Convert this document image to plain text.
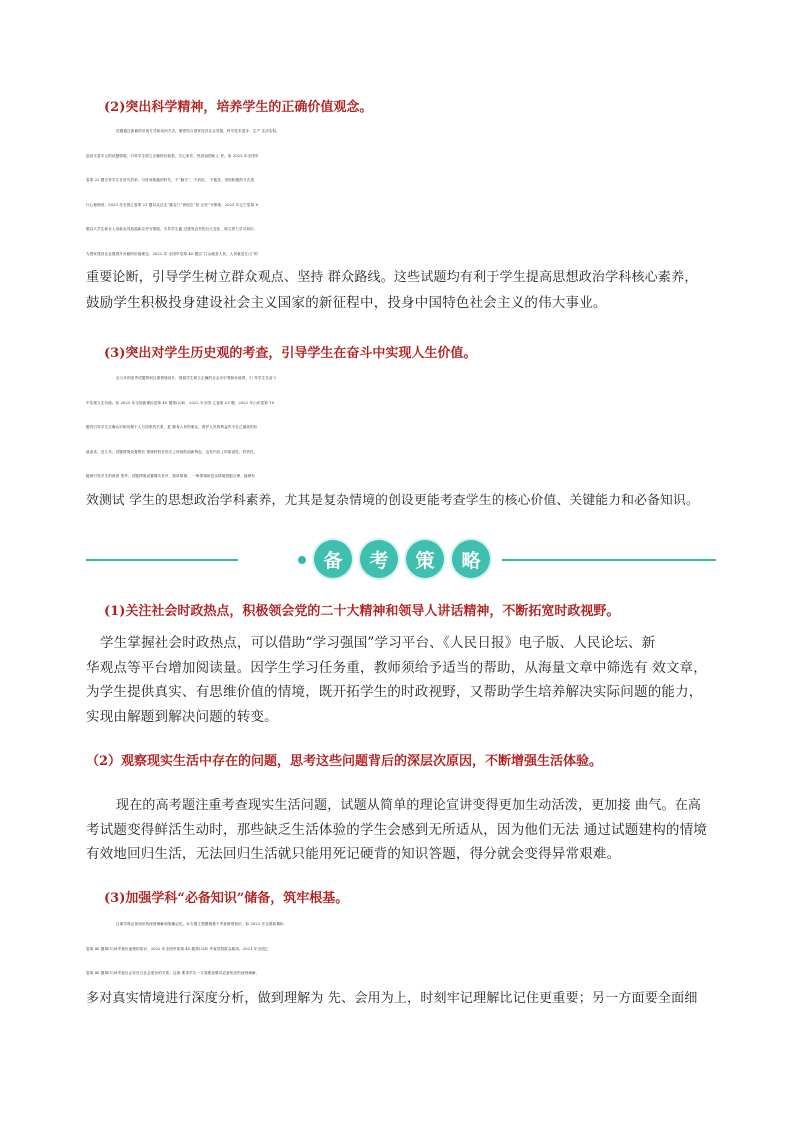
(2)突出科学精神，培养学生的正确价值观念。
试题通过新颖的呈现方式和设问方式，紧密结合国家经济社会发展、科学技术进步、生产 生活实际，
创设丰富多元的试题情境，引导学生树立正确的价值观，关心家乡、热爱祖国和人 民。如 2023 年全国甲
卷第 22 题引导学生在讲究效率、与时间赛跑的时代，不“躺平”、不消沉、 不抱怨，采取积极的方式进
行心理调适；2023 年全国乙卷第 21 题以从过去“跳农门”到现在“回 农村”为情境、2023 年辽宁卷第 8
题以大学生新农人用新农具造福新农村为情境，引导学生通 过感受农村的巨大变化，树立努力学习知识、
为国家建设农业强国作贡献的价值理念；2022 年 全国甲卷第 40 题以“江山就是人民，人民就是江山”的
重要论断，引导学生树立群众观点、坚持 群众路线。这些试题均有利于学生提高思想政治学科核心素养，
鼓励学生积极投身建设社会主义国家的新征程中，投身中国特色社会主义的伟大事业。
(3)突出对学生历史观的考查，引导学生在奋斗中实现人生价值。
近几年的高考试题特别注重情境设计，鼓励学生树立正确的社会历史观和价值观，引 导学生在奋斗
中实现人生价值。如 2023 年全国新课标卷第 40 题第(2)问、2022 年全国 乙卷第 23 题、2022 年山东卷第 10
题均引导学生正确认识和处理个人与国家的关系，把 献身人民的事业、维护人民的利益作为自己最高的价
值追求。近几年，试题情境设置既有 情境材料在形式上体现的创新特色，也有内容上的原创性、时效性，
能够引发学生的深度 思考。试题情境设置梯次有序，简单情境、 一般情境和复杂情境搭配合理，能够有
效测试 学生的思想政治学科素养，尤其是复杂情境的创设更能考查学生的核心价值、关键能力和必备知识。
备	考	策	略
(1)关注社会时政热点，积极领会党的二十大精神和领导人讲话精神，不断拓宽时政视野。
学生掌握社会时政热点，可以借助“学习强国”学习平台、《人民日报》电子版、人民论坛、新
华观点等平台增加阅读量。因学生学习任务重，教师须给予适当的帮助，从海量文章中筛选有 效文章，
为学生提供真实、有思维价值的情境，既开拓学生的时政视野，又帮助学生培养解决实际问题的能力，
实现由解题到解决问题的转变。
（2）观察现实生活中存在的问题，思考这些问题背后的深层次原因，不断增强生活体验。
现在的高考题注重考查现实生活问题，试题从简单的理论宣讲变得更加生动活泼，更加接 曲气。在高
考试题变得鲜活生动时，那些缺乏生活体验的学生会感到无所适从，因为他们无法 通过试题建构的情境
有效地回归生活，无法回归生活就只能用死记硬背的知识答题，得分就会变得异常艰难。
(3)加强学科“必备知识”储备，筑牢根基。
注重学科必备知识的深度理解和准确记忆。本专题主观题侧重于考查微观知识，如 2023 年全国新课标
卷第 40 题第(1)问考查价值观的知识、2022 年全国甲卷第 40 题第(2)问 考查党的群众路线、2021 年全国乙
卷第 40 题第(1)问考查社会存在与社会意识的关系，这就 要求学生一方面要加强对必备知识的深刻理解，
多对真实情境进行深度分析，做到理解为 先、会用为上，时刻牢记理解比记住更重要；另一方面要全面细
